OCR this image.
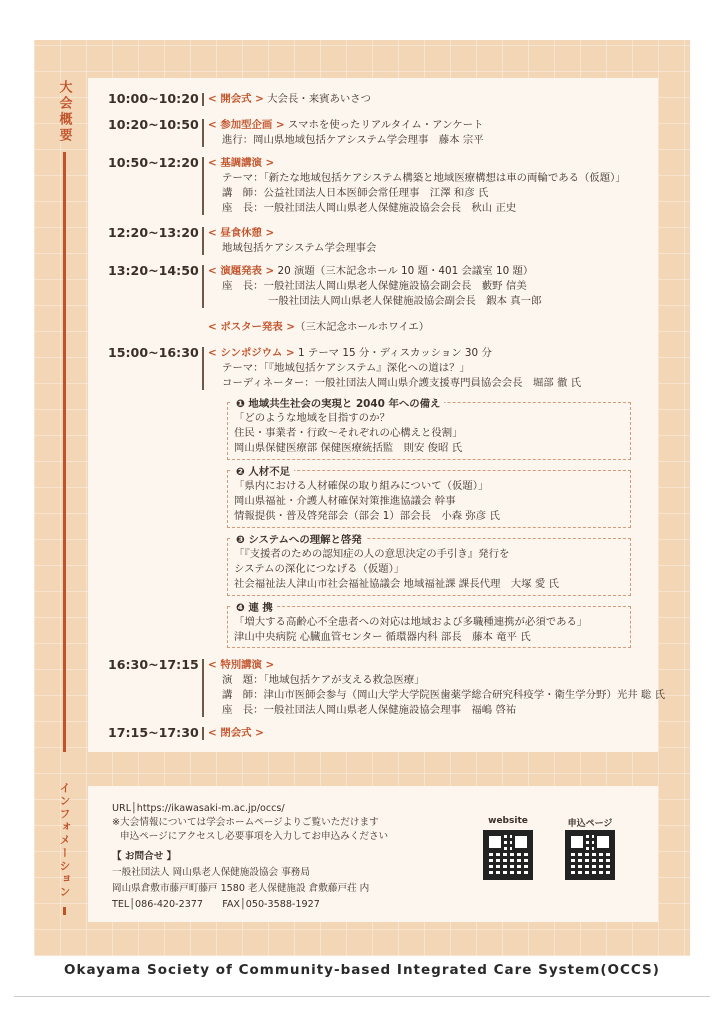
大会概要
インフォメーション
10:00~10:20 < 開会式 > 大会長・来賓あいさつ
10:20~10:50 < 参加型企画 > スマホを使ったリアルタイム・アンケート
進行：岡山県地域包括ケアシステム学会理事　藤本 宗平
10:50~12:20 < 基調講演 >
テーマ：「新たな地域包括ケアシステム構築と地域医療構想は車の両輪である（仮題）」
講　師：公益社団法人日本医師会常任理事　江澤 和彦 氏
座　長：一般社団法人岡山県老人保健施設協会会長　秋山 正史
12:20~13:20 < 昼食休憩 >
地域包括ケアシステム学会理事会
13:20~14:50 < 演題発表 > 20 演題（三木記念ホール 10 題・401 会議室 10 題）
座　長：一般社団法人岡山県老人保健施設協会副会長　藪野 信美
一般社団法人岡山県老人保健施設協会副会長　鍜本 真一郎
< ポスター発表 >（三木記念ホールホワイエ）
15:00~16:30 < シンポジウム > 1 テーマ 15 分・ディスカッション 30 分
テーマ：「『地域包括ケアシステム』深化への道は？」
コーディネーター：一般社団法人岡山県介護支援専門員協会会長　堀部 徹 氏
16:30~17:15 < 特別講演 >
演　題：「地域包括ケアが支える救急医療」
講　師：津山市医師会参与（岡山大学大学院医歯薬学総合研究科疫学・衛生学分野）光井 聡 氏
座　長：一般社団法人岡山県老人保健施設協会理事　福嶋 啓祐
17:15~17:30 < 閉会式 >
❶ 地域共生社会の実現と 2040 年への備え
「どのような地域を目指すのか？
住民・事業者・行政～それぞれの心構えと役割」
岡山県保健医療部 保健医療統括監　則安 俊昭 氏
❷ 人材不足
「県内における人材確保の取り組みについて（仮題）」
岡山県福祉・介護人材確保対策推進協議会 幹事
情報提供・普及啓発部会（部会 1）部会長　小森 弥彦 氏
❸ システムへの理解と啓発
「『支援者のための認知症の人の意思決定の手引き』発行を
システムの深化につなげる（仮題）」
社会福祉法人津山市社会福祉協議会 地域福祉課 課長代理　大塚 愛 氏
❹ 連 携
「増大する高齢心不全患者への対応は地域および多職種連携が必須である」
津山中央病院 心臓血管センター 循環器内科 部長　藤本 竜平 氏
URL│https://ikawasaki-m.ac.jp/occs/
※大会情報については学会ホームページよりご覧いただけます
申込ページにアクセスし必要事項を入力してお申込みください
【 お問合せ 】
一般社団法人 岡山県老人保健施設協会 事務局
岡山県倉敷市藤戸町藤戸 1580 老人保健施設 倉敷藤戸荘 内
TEL│086-420-2377　　FAX│050-3588-1927
website	申込ページ
Okayama Society of Community-based Integrated Care System(OCCS)
